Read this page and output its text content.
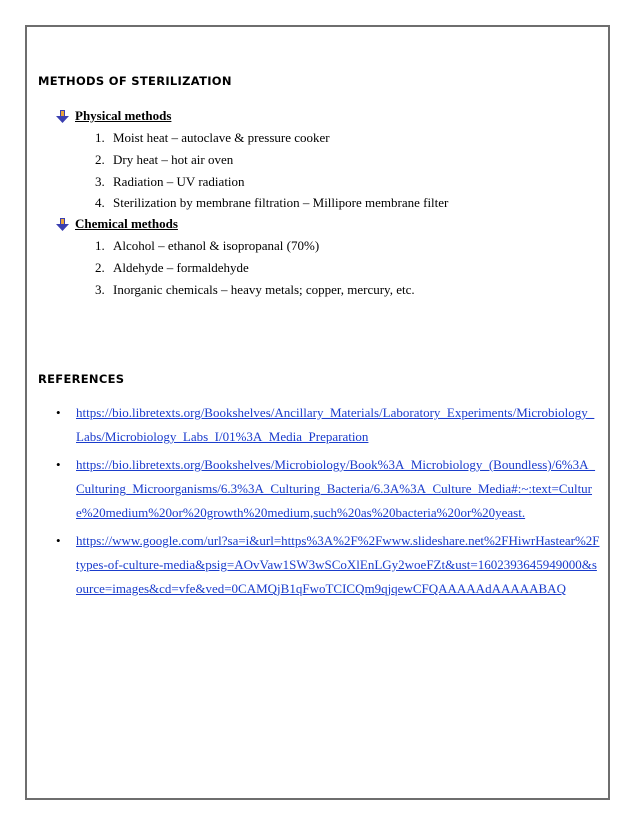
METHODS OF STERILIZATION
Physical methods
1. Moist heat – autoclave & pressure cooker
2. Dry heat – hot air oven
3. Radiation – UV radiation
4. Sterilization by membrane filtration – Millipore membrane filter
Chemical methods
1. Alcohol – ethanol & isopropanal (70%)
2. Aldehyde – formaldehyde
3. Inorganic chemicals – heavy metals; copper, mercury, etc.
REFERENCES
•	https://bio.libretexts.org/Bookshelves/Ancillary_Materials/Laboratory_Experiments/Microbiology_Labs/Microbiology_Labs_I/01%3A_Media_Preparation
•	https://bio.libretexts.org/Bookshelves/Microbiology/Book%3A_Microbiology_(Boundless)/6%3A_Culturing_Microorganisms/6.3%3A_Culturing_Bacteria/6.3A%3A_Culture_Media#:~:text=Culture%20medium%20or%20growth%20medium,such%20as%20bacteria%20or%20yeast.
•	https://www.google.com/url?sa=i&url=https%3A%2F%2Fwww.slideshare.net%2FHiwrHastear%2Ftypes-of-culture-media&psig=AOvVaw1SW3wSCoXlEnLGy2woeFZt&ust=1602393645949000&source=images&cd=vfe&ved=0CAMQjB1qFwoTCICQm9qjqewCFQAAAAAdAAAAABAQ
